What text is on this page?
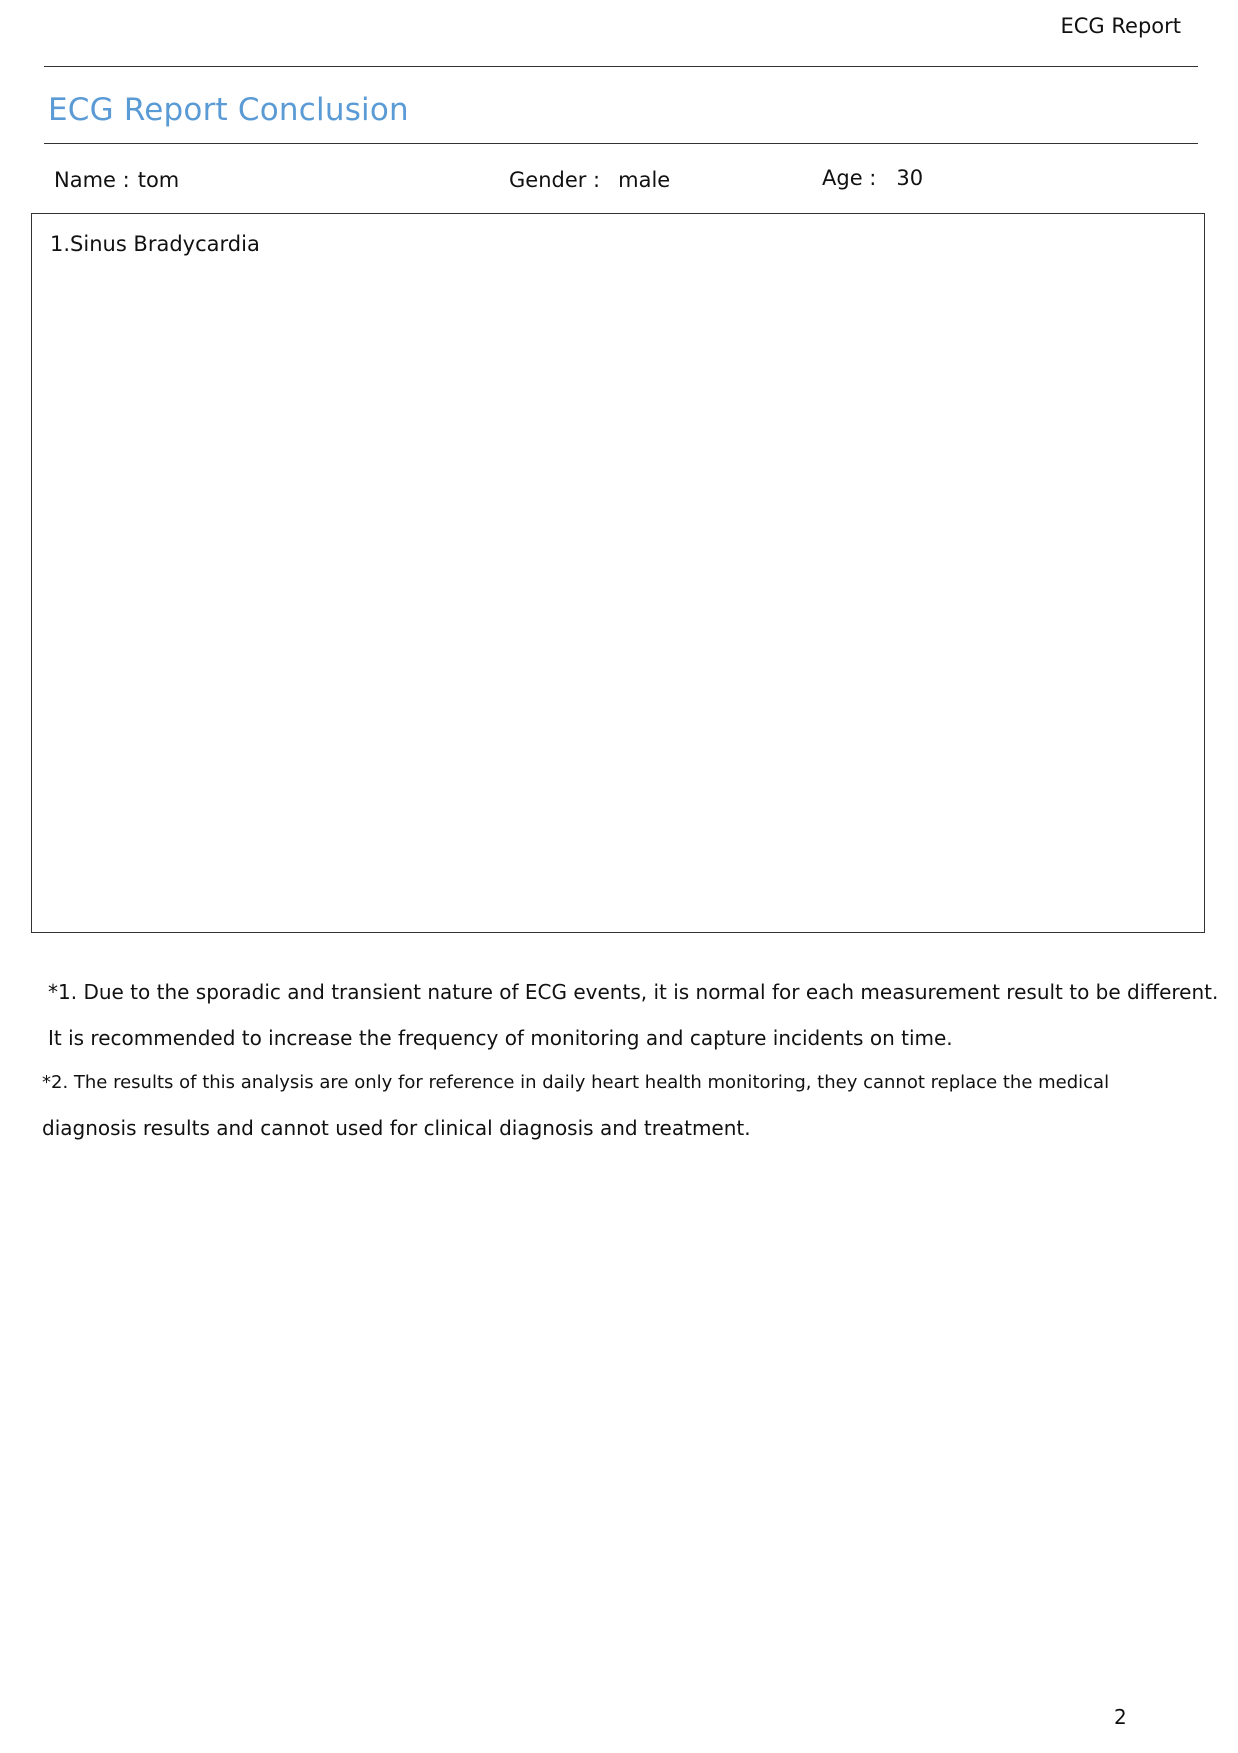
ECG Report
ECG Report Conclusion
Name : tom	Gender : male	Age : 30
1.Sinus Bradycardia
*1. Due to the sporadic and transient nature of ECG events, it is normal for each measurement result to be different.
It is recommended to increase the frequency of monitoring and capture incidents on time.
*2. The results of this analysis are only for reference in daily heart health monitoring, they cannot replace the medical
diagnosis results and cannot used for clinical diagnosis and treatment.
2
